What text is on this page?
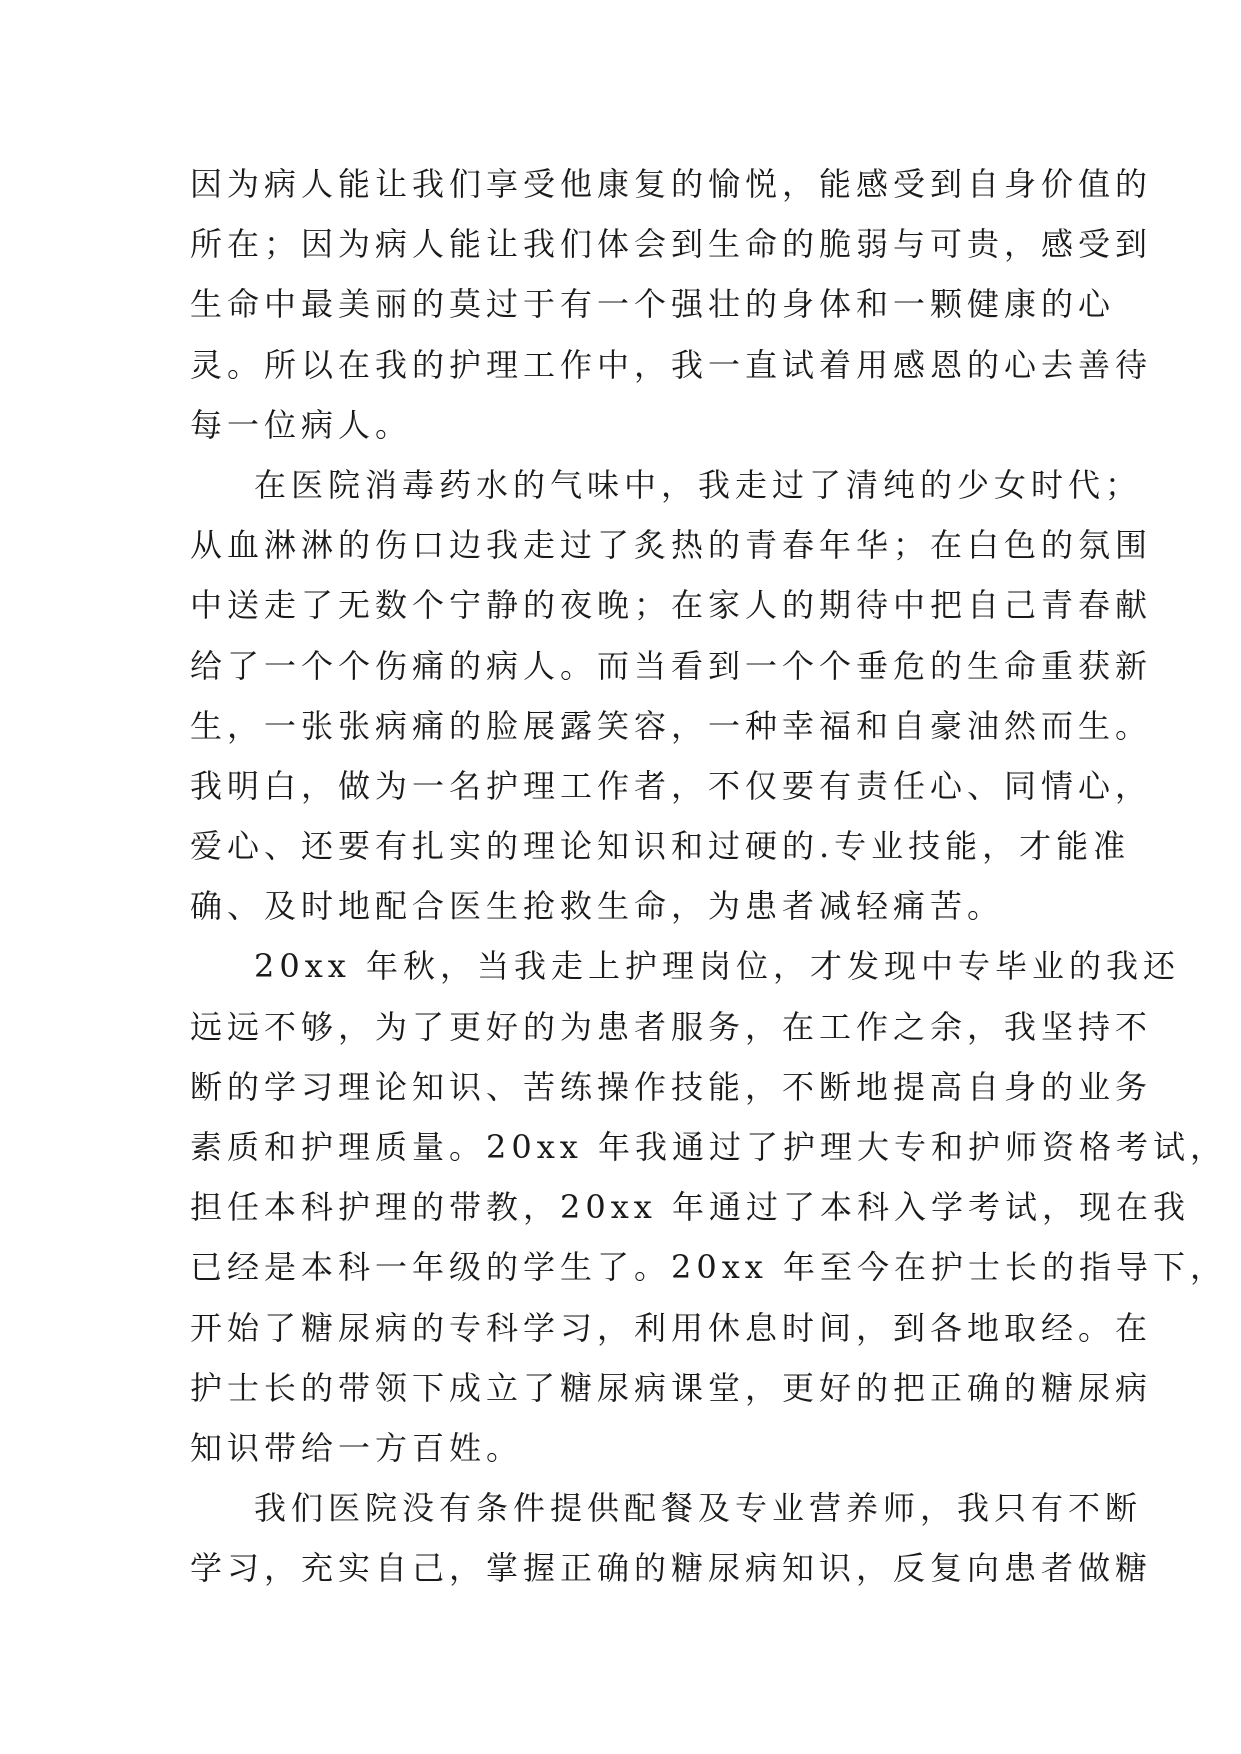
因为病人能让我们享受他康复的愉悦，能感受到自身价值的
所在；因为病人能让我们体会到生命的脆弱与可贵，感受到
生命中最美丽的莫过于有一个强壮的身体和一颗健康的心
灵。所以在我的护理工作中，我一直试着用感恩的心去善待
每一位病人。
在医院消毒药水的气味中，我走过了清纯的少女时代；
从血淋淋的伤口边我走过了炙热的青春年华；在白色的氛围
中送走了无数个宁静的夜晚；在家人的期待中把自己青春献
给了一个个伤痛的病人。而当看到一个个垂危的生命重获新
生，一张张病痛的脸展露笑容，一种幸福和自豪油然而生。
我明白，做为一名护理工作者，不仅要有责任心、同情心，
爱心、还要有扎实的理论知识和过硬的.专业技能，才能准
确、及时地配合医生抢救生命，为患者减轻痛苦。
20xx 年秋，当我走上护理岗位，才发现中专毕业的我还
远远不够，为了更好的为患者服务，在工作之余，我坚持不
断的学习理论知识、苦练操作技能，不断地提高自身的业务
素质和护理质量。20xx 年我通过了护理大专和护师资格考试，
担任本科护理的带教，20xx 年通过了本科入学考试，现在我
已经是本科一年级的学生了。20xx 年至今在护士长的指导下，
开始了糖尿病的专科学习，利用休息时间，到各地取经。在
护士长的带领下成立了糖尿病课堂，更好的把正确的糖尿病
知识带给一方百姓。
我们医院没有条件提供配餐及专业营养师，我只有不断
学习，充实自己，掌握正确的糖尿病知识，反复向患者做糖
